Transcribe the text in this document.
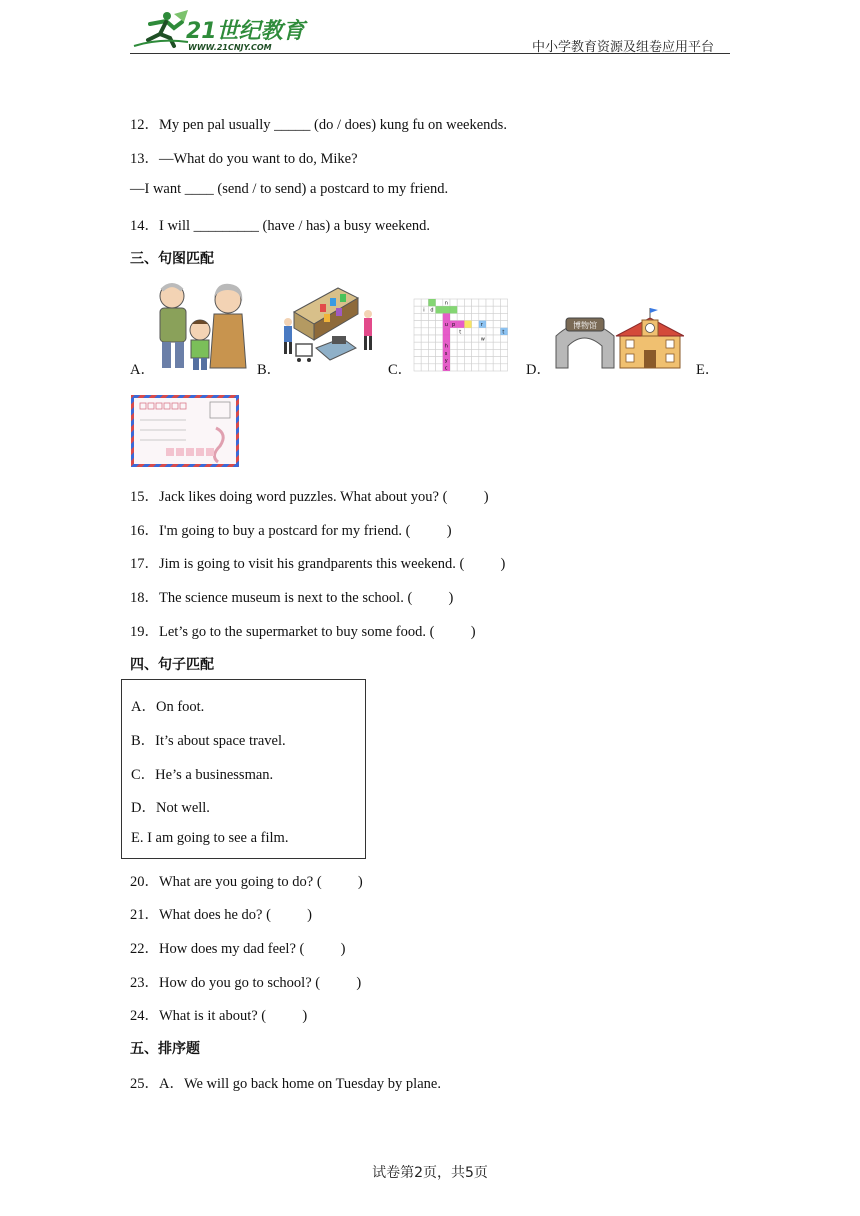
21世纪教育
WWW.21CNJY.COM	中小学教育资源及组卷应用平台
12．My pen pal usually _____ (do / does) kung fu on weekends.
13．—What do you want to do, Mike?
—I want ____ (send / to send) a postcard to my friend.
14．I will _________ (have / has) a busy weekend.
三、句图匹配
A．	B．	C．	D．	E．
n
i d
u p	r
t	t
w
h
s
y
c
博物馆
15．Jack likes doing word puzzles. What about you? (          )
16．I'm going to buy a postcard for my friend. (          )
17．Jim is going to visit his grandparents this weekend. (          )
18．The science museum is next to the school. (          )
19．Let’s go to the supermarket to buy some food. (          )
四、句子匹配
A．On foot.
B．It’s about space travel.
C．He’s a businessman.
D．Not well.
E. I am going to see a film.
20．What are you going to do? (          )
21．What does he do? (          )
22．How does my dad feel? (          )
23．How do you go to school? (          )
24．What is it about? (          )
五、排序题
25．A．We will go back home on Tuesday by plane.
试卷第2页，共5页
